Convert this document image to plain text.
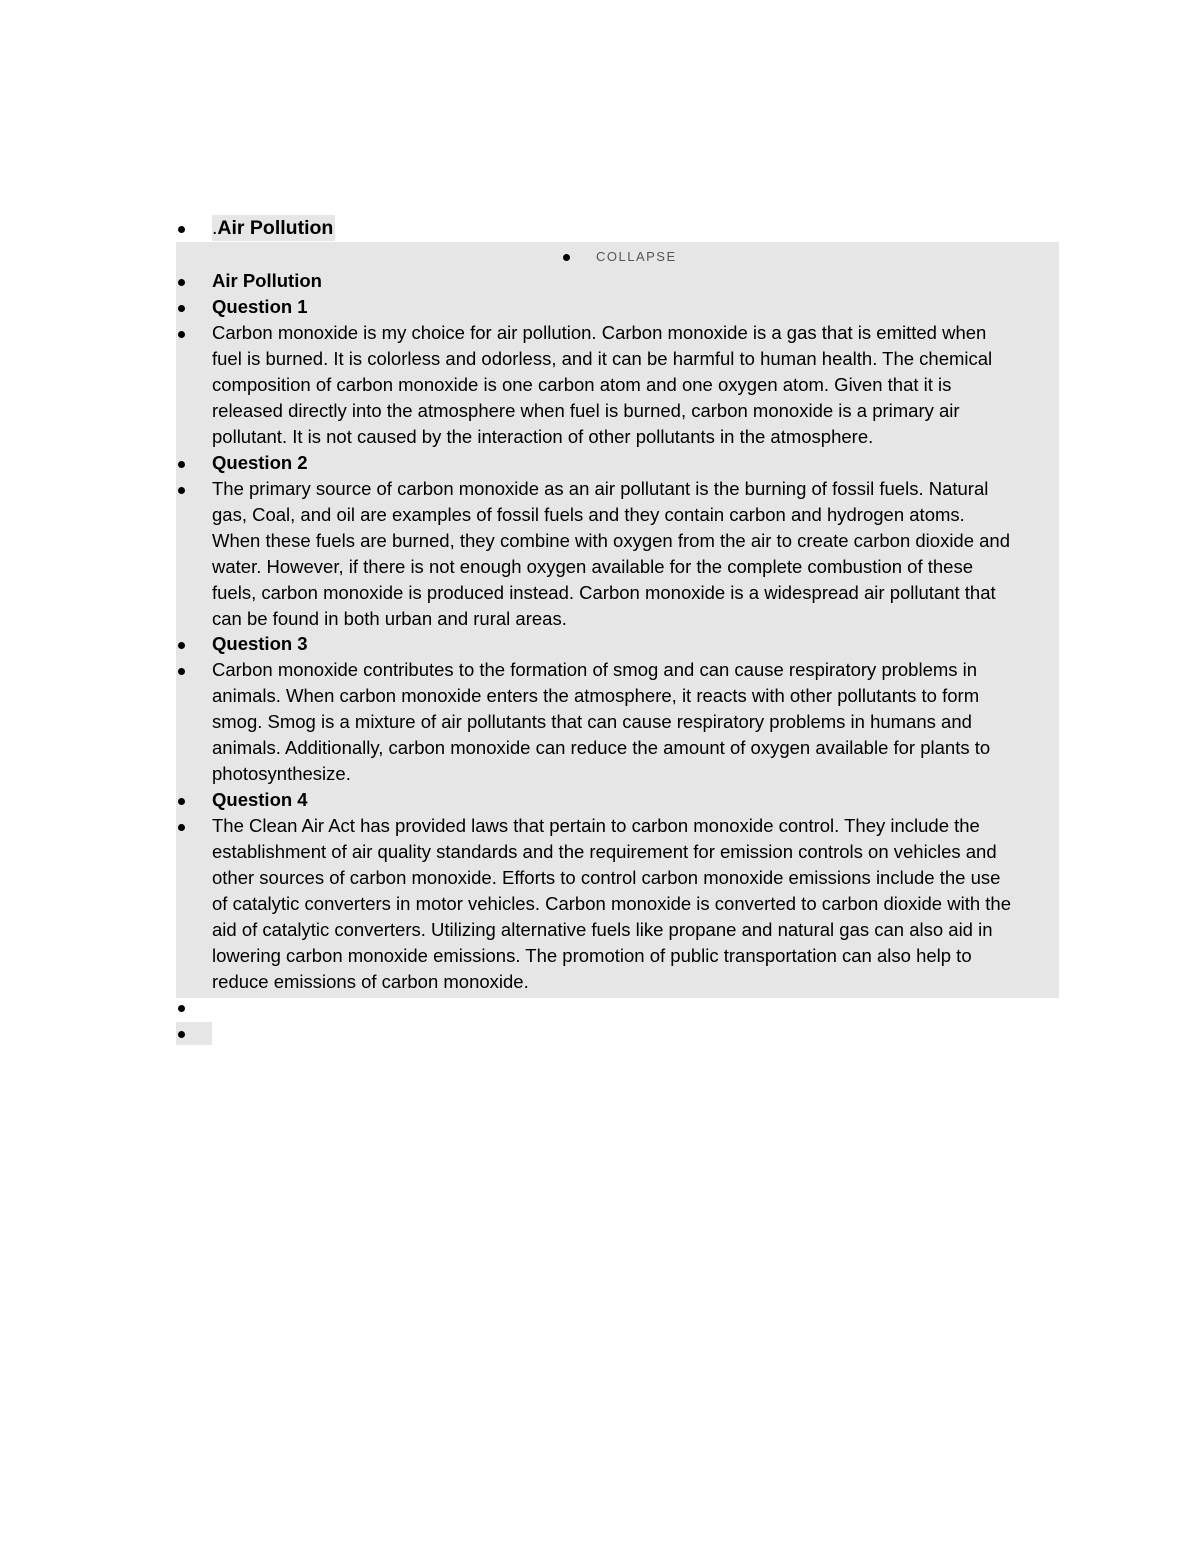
.Air Pollution
COLLAPSE
Air Pollution
Question 1
Carbon monoxide is my choice for air pollution. Carbon monoxide is a gas that is emitted when
fuel is burned. It is colorless and odorless, and it can be harmful to human health. The chemical
composition of carbon monoxide is one carbon atom and one oxygen atom. Given that it is
released directly into the atmosphere when fuel is burned, carbon monoxide is a primary air
pollutant. It is not caused by the interaction of other pollutants in the atmosphere.
Question 2
The primary source of carbon monoxide as an air pollutant is the burning of fossil fuels. Natural
gas, Coal, and oil are examples of fossil fuels and they contain carbon and hydrogen atoms.
When these fuels are burned, they combine with oxygen from the air to create carbon dioxide and
water. However, if there is not enough oxygen available for the complete combustion of these
fuels, carbon monoxide is produced instead. Carbon monoxide is a widespread air pollutant that
can be found in both urban and rural areas.
Question 3
Carbon monoxide contributes to the formation of smog and can cause respiratory problems in
animals. When carbon monoxide enters the atmosphere, it reacts with other pollutants to form
smog. Smog is a mixture of air pollutants that can cause respiratory problems in humans and
animals. Additionally, carbon monoxide can reduce the amount of oxygen available for plants to
photosynthesize.
Question 4
The Clean Air Act has provided laws that pertain to carbon monoxide control. They include the
establishment of air quality standards and the requirement for emission controls on vehicles and
other sources of carbon monoxide. Efforts to control carbon monoxide emissions include the use
of catalytic converters in motor vehicles. Carbon monoxide is converted to carbon dioxide with the
aid of catalytic converters. Utilizing alternative fuels like propane and natural gas can also aid in
lowering carbon monoxide emissions. The promotion of public transportation can also help to
reduce emissions of carbon monoxide.
